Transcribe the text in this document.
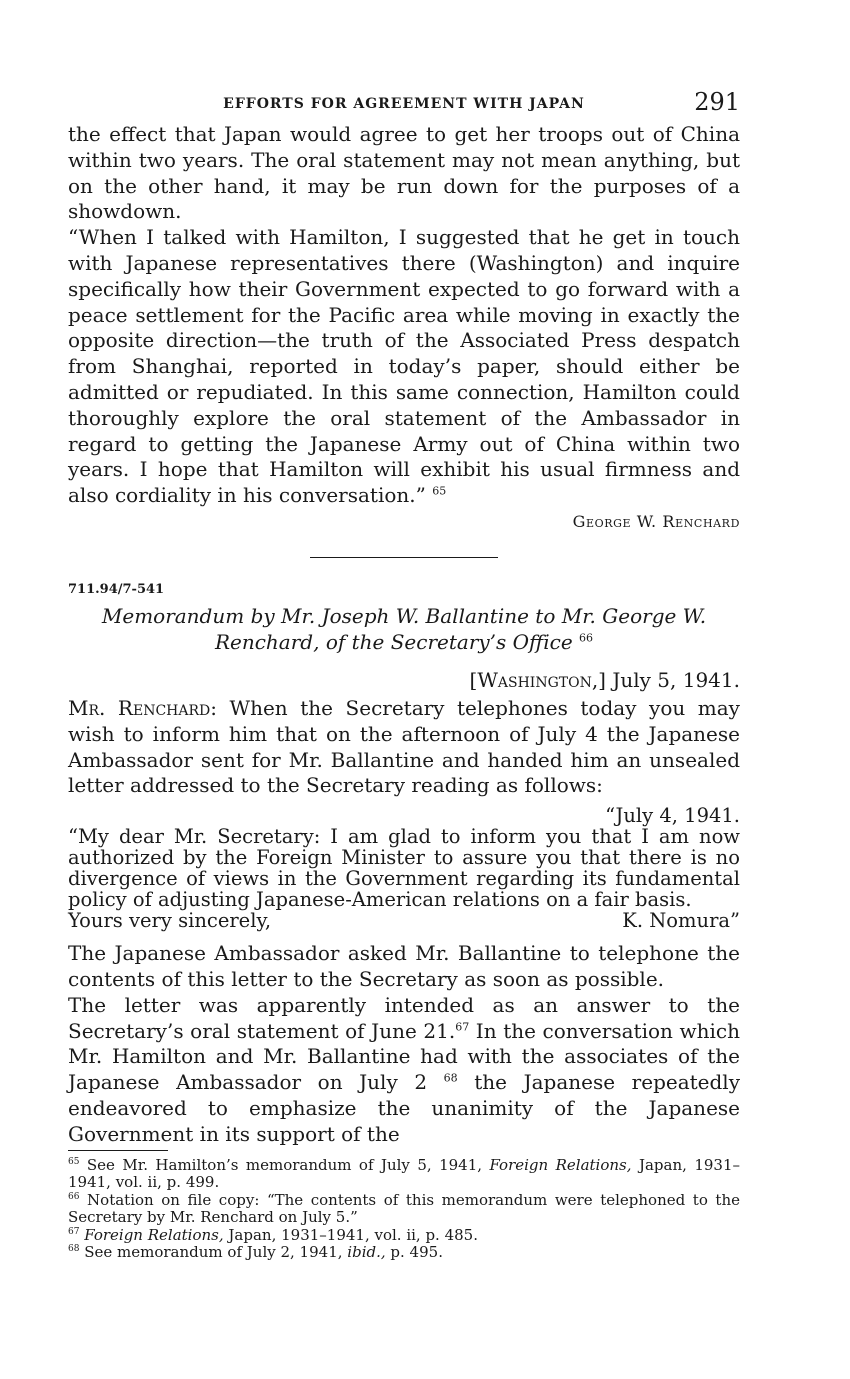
EFFORTS FOR AGREEMENT WITH JAPAN	291

the effect that Japan would agree to get her troops out of China within two years. The oral statement may not mean anything, but on the other hand, it may be run down for the purposes of a showdown.

“When I talked with Hamilton, I suggested that he get in touch with Japanese representatives there (Washington) and inquire specifically how their Government expected to go forward with a peace settlement for the Pacific area while moving in exactly the opposite direction—the truth of the Associated Press despatch from Shanghai, reported in today’s paper, should either be admitted or repudiated. In this same connection, Hamilton could thoroughly explore the oral statement of the Ambassador in regard to getting the Japanese Army out of China within two years. I hope that Hamilton will exhibit his usual firmness and also cordiality in his conversation.” $^{65}$

George W. Renchard
711.94/7-541
Memorandum by Mr. Joseph W. Ballantine to Mr. George W.
Renchard, of the Secretary’s Office $^{66}$
[Washington,] July 5, 1941.

Mr. Renchard: When the Secretary telephones today you may wish to inform him that on the afternoon of July 4 the Japanese Ambassador sent for Mr. Ballantine and handed him an unsealed letter addressed to the Secretary reading as follows:

“July 4, 1941.
“My dear Mr. Secretary: I am glad to inform you that I am now authorized by the Foreign Minister to assure you that there is no divergence of views in the Government regarding its fundamental policy of adjusting Japanese-American relations on a fair basis.
Yours very sincerely,	K. Nomura”

The Japanese Ambassador asked Mr. Ballantine to telephone the contents of this letter to the Secretary as soon as possible.

The letter was apparently intended as an answer to the Secretary’s oral statement of June 21.67 In the conversation which Mr. Hamilton and Mr. Ballantine had with the associates of the Japanese Ambassador on July 2 $^{68}$ the Japanese repeatedly endeavored to emphasize the unanimity of the Japanese Government in its support of the

$^{65}$ See Mr. Hamilton’s memorandum of July 5, 1941, Foreign Relations, Japan, 1931–1941, vol. ii, p. 499.
$^{66}$ Notation on file copy: “The contents of this memorandum were telephoned to the Secretary by Mr. Renchard on July 5.”
$^{67}$ Foreign Relations, Japan, 1931–1941, vol. ii, p. 485.
$^{68}$ See memorandum of July 2, 1941, ibid., p. 495.
